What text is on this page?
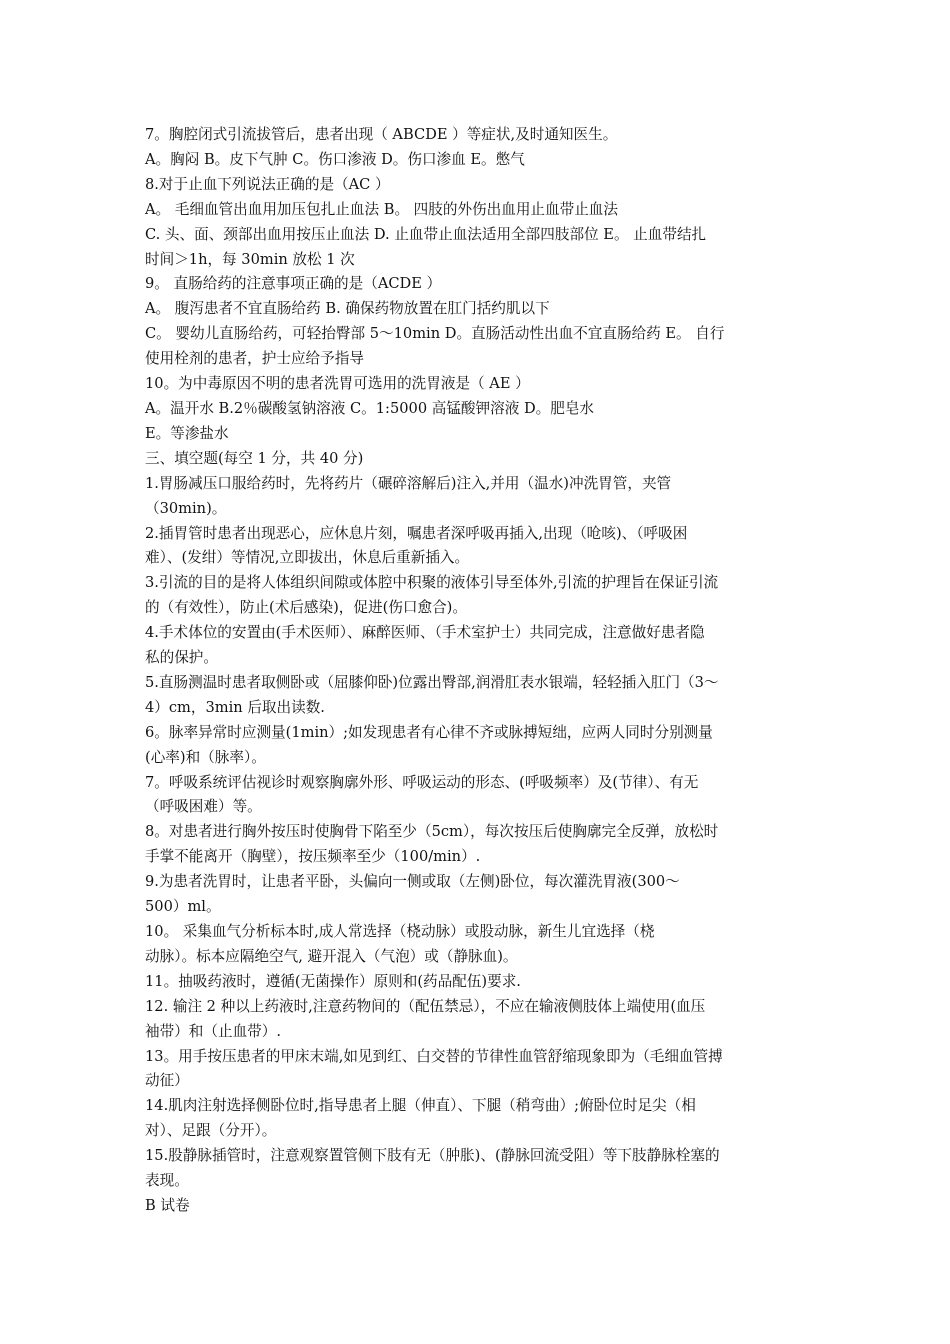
7。胸腔闭式引流拔管后，患者出现（ ABCDE ）等症状,及时通知医生。
A。胸闷 B。皮下气肿 C。伤口渗液 D。伤口渗血 E。憋气
8.对于止血下列说法正确的是（AC ）
A。 毛细血管出血用加压包扎止血法 B。 四肢的外伤出血用止血带止血法
C. 头、面、颈部出血用按压止血法 D. 止血带止血法适用全部四肢部位 E。 止血带结扎
时间＞1h，每 30min 放松 1 次
9。 直肠给药的注意事项正确的是（ACDE ）
A。 腹泻患者不宜直肠给药 B. 确保药物放置在肛门括约肌以下
C。 婴幼儿直肠给药，可轻抬臀部 5～10min D。直肠活动性出血不宜直肠给药 E。 自行
使用栓剂的患者，护士应给予指导
10。为中毒原因不明的患者洗胃可选用的洗胃液是（ AE ）
A。温开水 B.2％碳酸氢钠溶液 C。1:5000 高锰酸钾溶液 D。肥皂水
E。等渗盐水
三、填空题(每空 1 分，共 40 分)
1.胃肠减压口服给药时，先将药片（碾碎溶解后)注入,并用（温水)冲洗胃管，夹管
（30min)。
2.插胃管时患者出现恶心，应休息片刻，嘱患者深呼吸再插入,出现（呛咳)、（呼吸困
难）、(发绀）等情况,立即拔出，休息后重新插入。
3.引流的目的是将人体组织间隙或体腔中积聚的液体引导至体外,引流的护理旨在保证引流
的（有效性），防止(术后感染)，促进(伤口愈合)。
4.手术体位的安置由(手术医师）、麻醉医师、（手术室护士）共同完成，注意做好患者隐
私的保护。
5.直肠测温时患者取侧卧或（屈膝仰卧)位露出臀部,润滑肛表水银端，轻轻插入肛门（3～
4）cm，3min 后取出读数.
6。脉率异常时应测量(1min）;如发现患者有心律不齐或脉搏短绌，应两人同时分别测量
(心率)和（脉率）。
7。呼吸系统评估视诊时观察胸廓外形、呼吸运动的形态、(呼吸频率）及(节律）、有无
（呼吸困难）等。
8。对患者进行胸外按压时使胸骨下陷至少（5cm），每次按压后使胸廓完全反弹，放松时
手掌不能离开（胸壁），按压频率至少（100/min）.
9.为患者洗胃时，让患者平卧，头偏向一侧或取（左侧)卧位，每次灌洗胃液(300～
500）ml。
10。 采集血气分析标本时,成人常选择（桡动脉）或股动脉，新生儿宜选择（桡
动脉）。标本应隔绝空气, 避开混入（气泡）或（静脉血)。
11。抽吸药液时，遵循(无菌操作）原则和(药品配伍)要求.
12. 输注 2 种以上药液时,注意药物间的（配伍禁忌），不应在输液侧肢体上端使用(血压
袖带）和（止血带）.
13。用手按压患者的甲床末端,如见到红、白交替的节律性血管舒缩现象即为（毛细血管搏
动征）
14.肌肉注射选择侧卧位时,指导患者上腿（伸直）、下腿（稍弯曲）;俯卧位时足尖（相
对）、足跟（分开）。
15.股静脉插管时，注意观察置管侧下肢有无（肿胀)、(静脉回流受阻）等下肢静脉栓塞的
表现。
B 试卷
